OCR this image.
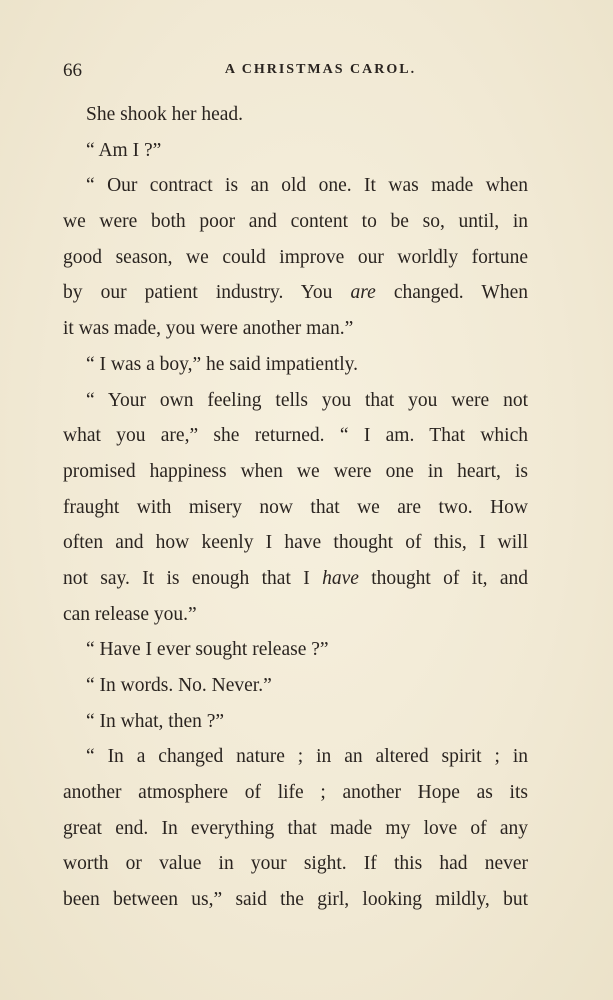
66	A CHRISTMAS CAROL.
She shook her head.
“ Am I ?”
“ Our contract is an old one. It was made when
we were both poor and content to be so, until, in
good season, we could improve our worldly fortune
by our patient industry. You are changed. When
it was made, you were another man.”
“ I was a boy,” he said impatiently.
“ Your own feeling tells you that you were not
what you are,” she returned. “ I am. That which
promised happiness when we were one in heart, is
fraught with misery now that we are two. How
often and how keenly I have thought of this, I will
not say. It is enough that I have thought of it, and
can release you.”
“ Have I ever sought release ?”
“ In words. No. Never.”
“ In what, then ?”
“ In a changed nature ; in an altered spirit ; in
another atmosphere of life ; another Hope as its
great end. In everything that made my love of any
worth or value in your sight. If this had never
been between us,” said the girl, looking mildly, but
